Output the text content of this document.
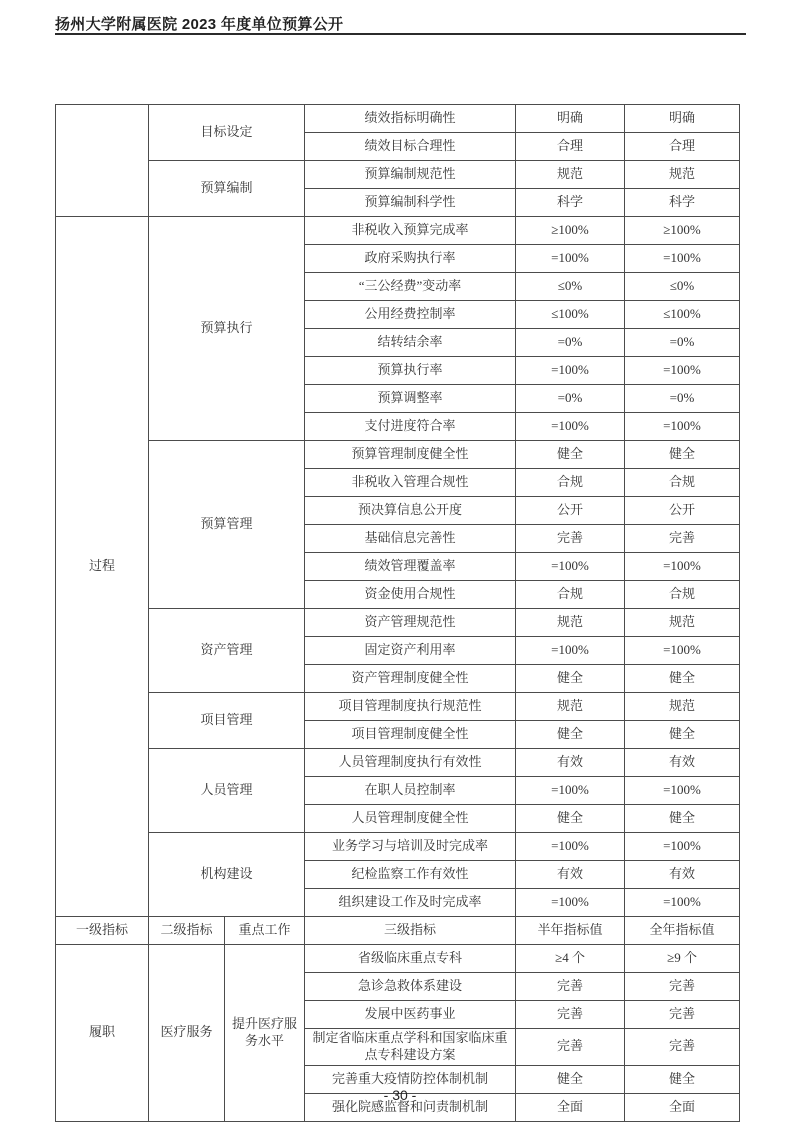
扬州大学附属医院 2023 年度单位预算公开
	目标设定		绩效指标明确性	明确	明确
			绩效目标合理性	合理	合理
	预算编制		预算编制规范性	规范	规范
			预算编制科学性	科学	科学
过程	预算执行		非税收入预算完成率	≥100%	≥100%
			政府采购执行率	=100%	=100%
			“三公经费”变动率	≤0%	≤0%
			公用经费控制率	≤100%	≤100%
			结转结余率	=0%	=0%
			预算执行率	=100%	=100%
			预算调整率	=0%	=0%
			支付进度符合率	=100%	=100%
	预算管理		预算管理制度健全性	健全	健全
			非税收入管理合规性	合规	合规
			预决算信息公开度	公开	公开
			基础信息完善性	完善	完善
			绩效管理覆盖率	=100%	=100%
			资金使用合规性	合规	合规
	资产管理		资产管理规范性	规范	规范
			固定资产利用率	=100%	=100%
			资产管理制度健全性	健全	健全
	项目管理		项目管理制度执行规范性	规范	规范
			项目管理制度健全性	健全	健全
	人员管理		人员管理制度执行有效性	有效	有效
			在职人员控制率	=100%	=100%
			人员管理制度健全性	健全	健全
	机构建设		业务学习与培训及时完成率	=100%	=100%
			纪检监察工作有效性	有效	有效
			组织建设工作及时完成率	=100%	=100%
一级指标	二级指标	重点工作	三级指标	半年指标值	全年指标值
履职	医疗服务	提升医疗服务水平	省级临床重点专科	≥4 个	≥9 个
			急诊急救体系建设	完善	完善
			发展中医药事业	完善	完善
			制定省临床重点学科和国家临床重点专科建设方案	完善	完善
			完善重大疫情防控体制机制	健全	健全
			强化院感监督和问责制机制	全面	全面
- 30 -
